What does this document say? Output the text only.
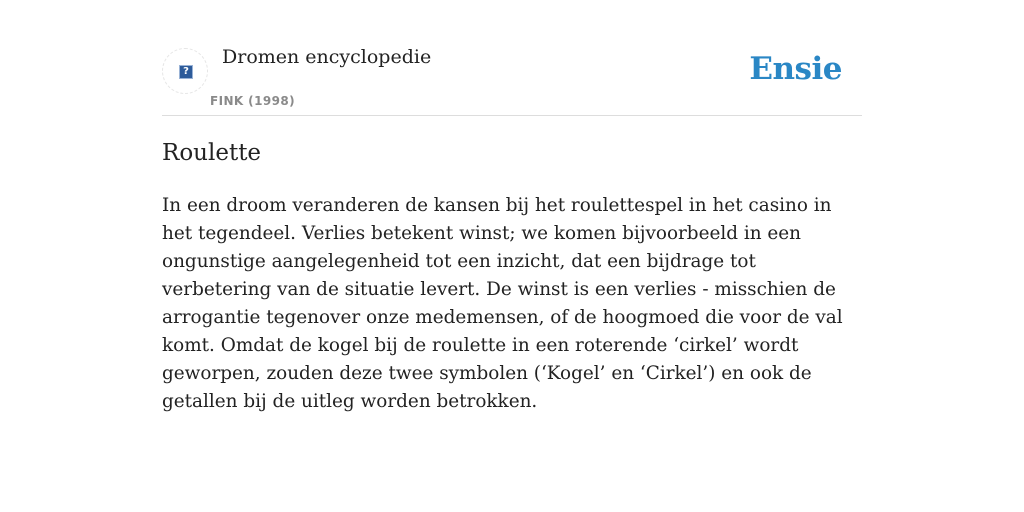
?
Dromen encyclopedie
FINK (1998)
Ensie
Roulette

In een droom veranderen de kansen bij het roulettespel in het casino in het tegendeel. Verlies betekent winst; we komen bijvoorbeeld in een ongunstige aangelegenheid tot een inzicht, dat een bijdrage tot verbetering van de situatie levert. De winst is een verlies - misschien de arrogantie tegenover onze medemensen, of de hoogmoed die voor de val komt. Omdat de kogel bij de roulette in een roterende ‘cirkel’ wordt geworpen, zouden deze twee symbolen (‘Kogel’ en ‘Cirkel’) en ook de getallen bij de uitleg worden betrokken.
